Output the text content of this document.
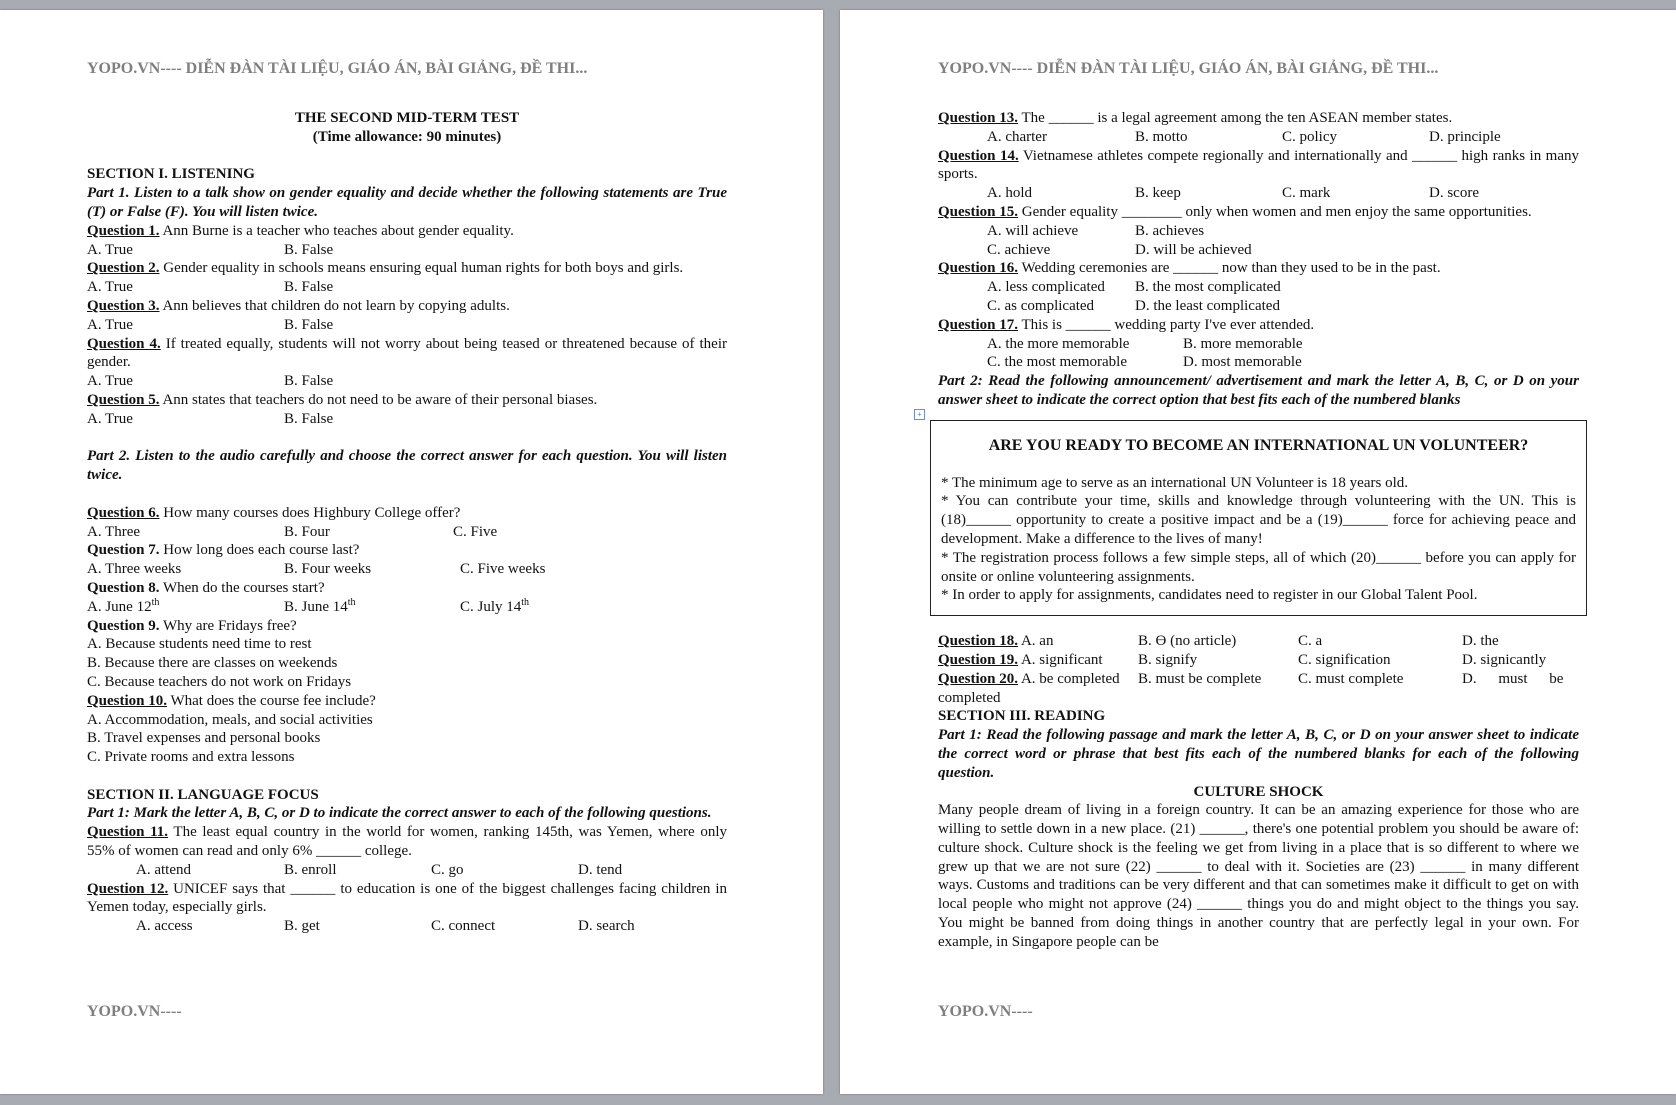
YOPO.VN---- DIỄN ĐÀN TÀI LIỆU, GIÁO ÁN, BÀI GIẢNG, ĐỀ THI...
THE SECOND MID-TERM TEST
(Time allowance: 90 minutes)
SECTION I. LISTENING
Part 1. Listen to a talk show on gender equality and decide whether the following statements are True (T) or False (F). You will listen twice.
Question 1. Ann Burne is a teacher who teaches about gender equality.
A. True	B. False
Question 2. Gender equality in schools means ensuring equal human rights for both boys and girls.
A. True	B. False
Question 3. Ann believes that children do not learn by copying adults.
A. True	B. False
Question 4. If treated equally, students will not worry about being teased or threatened because of their gender.
A. True	B. False
Question 5. Ann states that teachers do not need to be aware of their personal biases.
A. True	B. False
Part 2. Listen to the audio carefully and choose the correct answer for each question. You will listen twice.
Question 6. How many courses does Highbury College offer?
A. Three	B. Four	C. Five
Question 7. How long does each course last?
A. Three weeks	B. Four weeks	C. Five weeks
Question 8. When do the courses start?
A. June 12th	B. June 14th	C. July 14th
Question 9. Why are Fridays free?
A. Because students need time to rest
B. Because there are classes on weekends
C. Because teachers do not work on Fridays
Question 10. What does the course fee include?
A. Accommodation, meals, and social activities
B. Travel expenses and personal books
C. Private rooms and extra lessons
SECTION II. LANGUAGE FOCUS
Part 1: Mark the letter A, B, C, or D to indicate the correct answer to each of the following questions.
Question 11. The least equal country in the world for women, ranking 145th, was Yemen, where only 55% of women can read and only 6% ______ college.
A. attend	B. enroll	C. go	D. tend
Question 12. UNICEF says that ______ to education is one of the biggest challenges facing children in Yemen today, especially girls.
A. access	B. get	C. connect	D. search
YOPO.VN----
YOPO.VN---- DIỄN ĐÀN TÀI LIỆU, GIÁO ÁN, BÀI GIẢNG, ĐỀ THI...
Question 13. The ______ is a legal agreement among the ten ASEAN member states.
A. charter	B. motto	C. policy	D. principle
Question 14. Vietnamese athletes compete regionally and internationally and ______ high ranks in many sports.
A. hold	B. keep	C. mark	D. score
Question 15. Gender equality ________ only when women and men enjoy the same opportunities.
A. will achieve	B. achieves
C. achieve	D. will be achieved
Question 16. Wedding ceremonies are ______ now than they used to be in the past.
A. less complicated B. the most complicated
C. as complicated	D. the least complicated
Question 17. This is ______ wedding party I've ever attended.
A. the more memorable	B. more memorable
C. the most memorable	D. most memorable
Part 2: Read the following announcement/ advertisement and mark the letter A, B, C, or D on your answer sheet to indicate the correct option that best fits each of the numbered blanks
+
ARE YOU READY TO BECOME AN INTERNATIONAL UN VOLUNTEER?
* The minimum age to serve as an international UN Volunteer is 18 years old.
* You can contribute your time, skills and knowledge through volunteering with the UN. This is (18)______ opportunity to create a positive impact and be a (19)______ force for achieving peace and development. Make a difference to the lives of many!
* The registration process follows a few simple steps, all of which (20)______ before you can apply for onsite or online volunteering assignments.
* In order to apply for assignments, candidates need to register in our Global Talent Pool.
Question 18. A. an	B. ϴ (no article)	C. a	D. the
Question 19. A. significant B. signify	C. signification	D. signicantly
Question 20. A. be completed B. must be complete C. must complete	D. must be
completed
SECTION III. READING
Part 1: Read the following passage and mark the letter A, B, C, or D on your answer sheet to indicate the correct word or phrase that best fits each of the numbered blanks for each of the following question.
CULTURE SHOCK
Many people dream of living in a foreign country. It can be an amazing experience for those who are willing to settle down in a new place. (21) ______, there's one potential problem you should be aware of: culture shock. Culture shock is the feeling we get from living in a place that is so different to where we grew up that we are not sure (22) ______ to deal with it. Societies are (23) ______ in many different ways. Customs and traditions can be very different and that can sometimes make it difficult to get on with local people who might not approve (24) ______ things you do and might object to the things you say. You might be banned from doing things in another country that are perfectly legal in your own. For example, in Singapore people can be
YOPO.VN----
